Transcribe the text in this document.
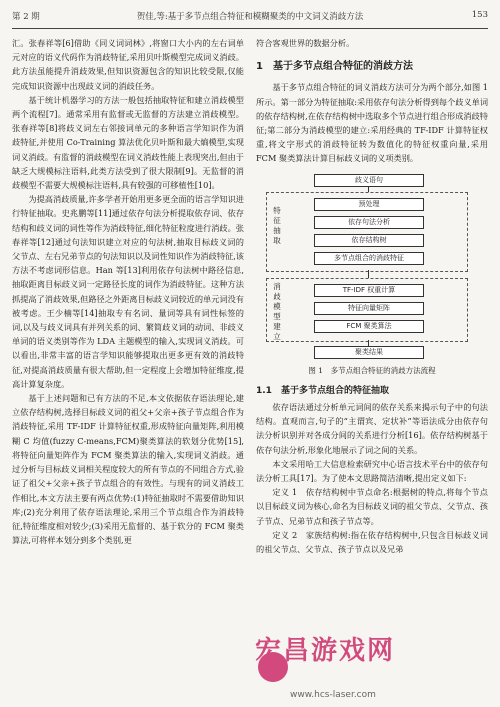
第 2 期	贺佳,等:基于多节点组合特征和模糊聚类的中文词义消歧方法	153

汇。张春祥等[6]借助《同义词词林》,将窗口大小内的左右词单元对应的语义代码作为消歧特征,采用贝叶斯模型完成词义消歧。此方法虽能提升消歧效果,但知识资源包含的知识比较受限,仅能完成知识资源中出现歧义词的消歧任务。

基于统计机器学习的方法一般包括抽取特征和建立消歧模型两个流程[7]。通常采用有监督或无监督的方法建立消歧模型。张春祥等[8]将歧义词左右邻接词单元的多种语言学知识作为消歧特征,并使用 Co-Training 算法优化贝叶斯和最大熵模型,实现词义消歧。有监督的消歧模型在词义消歧性能上表现突出,但由于缺乏大规模标注语料,此类方法受到了很大限制[9]。无监督的消歧模型不需要大规模标注语料,具有较强的可移植性[10]。

为提高消歧质量,许多学者开始用更多更全面的语言学知识进行特征抽取。史兆鹏等[11]通过依存句法分析提取依存词、依存结构和歧义词的词性等作为消歧特征,细化特征粒度进行消歧。张春祥等[12]通过句法知识建立对应的句法树,抽取目标歧义词的父节点、左右兄弟节点的句法知识以及词性知识作为消歧特征,该方法不考虑词形信息。Han 等[13]利用依存句法树中路径信息,抽取距离目标歧义词一定路径长度的词作为消歧特征。这种方法抓提高了消歧效果,但路径之外距离目标歧义词较近的单元词没有被考虑。王少楠等[14]抽取专有名词、量词等具有词性标签的词,以及与歧义词具有并列关系的词、繁简歧义词的动词、非歧义单词的语义类别等作为 LDA 主题模型的输入,实现词义消歧。可以看出,非常丰富的语言学知识能够提取出更多更有效的消歧特征,对提高消歧质量有很大帮助,但一定程度上会增加特征维度,提高计算复杂度。

基于上述问题和已有方法的不足,本文依据依存语法理论,建立依存结构树,选择目标歧义词的祖父+父亲+孩子节点组合作为消歧特征,采用 TF-IDF 计算特征权重,形成特征向量矩阵,利用模糊 C 均值(fuzzy C-means,FCM)聚类算法的软划分优势[15],将特征向量矩阵作为 FCM 聚类算法的输入,实现词义消歧。通过分析与目标歧义词相关程度较大的所有节点的不同组合方式,验证了祖父+父亲+孩子节点组合的有效性。与现有的词义消歧工作相比,本文方法主要有两点优势:(1)特征抽取时不需要借助知识库;(2)充分利用了依存语法理论,采用三个节点组合作为消歧特征,特征维度相对较少;(3)采用无监督的、基于软分的 FCM 聚类算法,可将样本划分到多个类别,更

符合客观世界的数据分析。

1　基于多节点组合特征的消歧方法

基于多节点组合特征的词义消歧方法可分为两个部分,如图 1 所示。第一部分为特征抽取:采用依存句法分析得到每个歧义单词的依存结构树,在依存结构树中选取多个节点进行组合形成消歧特征;第二部分为消歧模型的建立:采用经典的 TF-IDF 计算特征权重,将文字形式的消歧特征转为数值化的特征权重向量,采用 FCM 聚类算法计算目标歧义词的义项类别。

歧义语句
特征抽取
预处理
依存句法分析
依存结构树
多节点组合的消歧特征
消歧模型建立
TF-IDF 权重计算
特征向量矩阵
FCM 聚类算法
聚类结果
图 1　多节点组合特征的消歧方法流程
1.1　基于多节点组合的特征抽取

依存语法通过分析单元词间的依存关系来揭示句子中的句法结构。直观而言,句子的“主谓宾、定状补”等语法成分由依存句法分析识别并对各成分间的关系进行分析[16]。依存结构树基于依存句法分析,形象化地展示了词之间的关系。

本文采用哈工大信息检索研究中心语言技术平台中的依存句法分析工具[17]。为了使本文思路简洁清晰,提出定义如下:

定义 1　依存结构树中节点命名:根据树的特点,将每个节点以目标歧义词为核心,命名为目标歧义词的祖父节点、父节点、孩子节点、兄弟节点和孩子节点等。

定义 2　家族结构树:指在依存结构树中,只包含目标歧义词的祖父节点、父节点、孩子节点以及兄弟

宏昌游戏网
www.hcs-laser.com
